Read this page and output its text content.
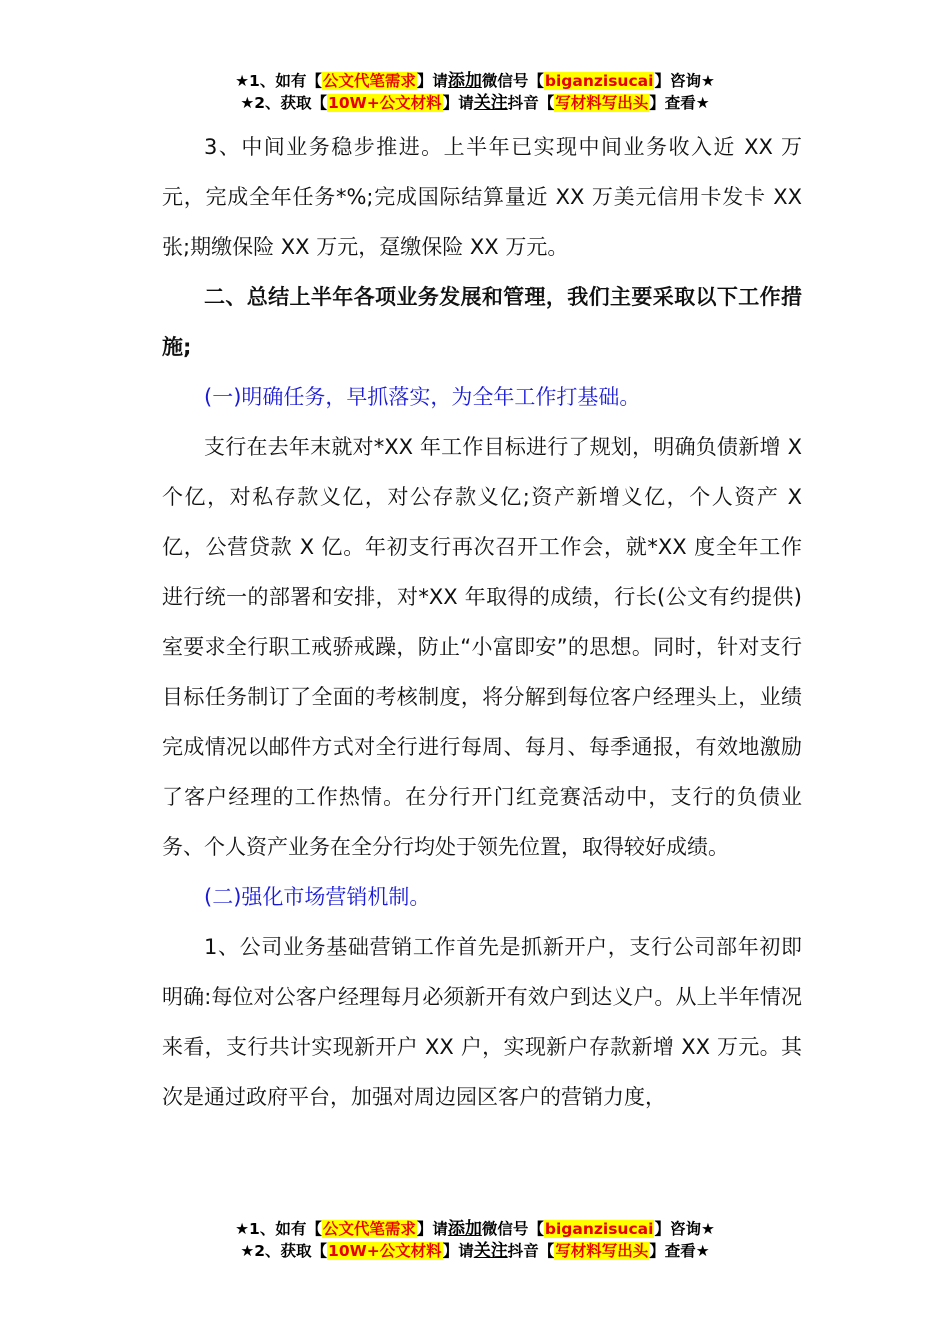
★1、如有【公文代笔需求】请添加微信号【biganzisucai】咨询★
★2、获取【10W+公文材料】请关注抖音【写材料写出头】查看★

3、中间业务稳步推进。上半年已实现中间业务收入近 XX 万元，完成全年任务*%;完成国际结算量近 XX 万美元信用卡发卡 XX 张;期缴保险 XX 万元，趸缴保险 XX 万元。

二、总结上半年各项业务发展和管理，我们主要采取以下工作措施;

(一)明确任务，早抓落实，为全年工作打基础。

支行在去年末就对*XX 年工作目标进行了规划，明确负债新增 X 个亿，对私存款义亿，对公存款义亿;资产新增义亿，个人资产 X 亿，公营贷款 X 亿。年初支行再次召开工作会，就*XX 度全年工作进行统一的部署和安排，对*XX 年取得的成绩，行长(公文有约提供)室要求全行职工戒骄戒躁，防止“小富即安”的思想。同时，针对支行目标任务制订了全面的考核制度，将分解到每位客户经理头上，业绩完成情况以邮件方式对全行进行每周、每月、每季通报，有效地激励了客户经理的工作热情。在分行开门红竞赛活动中，支行的负债业务、个人资产业务在全分行均处于领先位置，取得较好成绩。

(二)强化市场营销机制。

1、公司业务基础营销工作首先是抓新开户，支行公司部年初即明确:每位对公客户经理每月必须新开有效户到达义户。从上半年情况来看，支行共计实现新开户 XX 户，实现新户存款新增 XX 万元。其次是通过政府平台，加强对周边园区客户的营销力度，

★1、如有【公文代笔需求】请添加微信号【biganzisucai】咨询★
★2、获取【10W+公文材料】请关注抖音【写材料写出头】查看★
